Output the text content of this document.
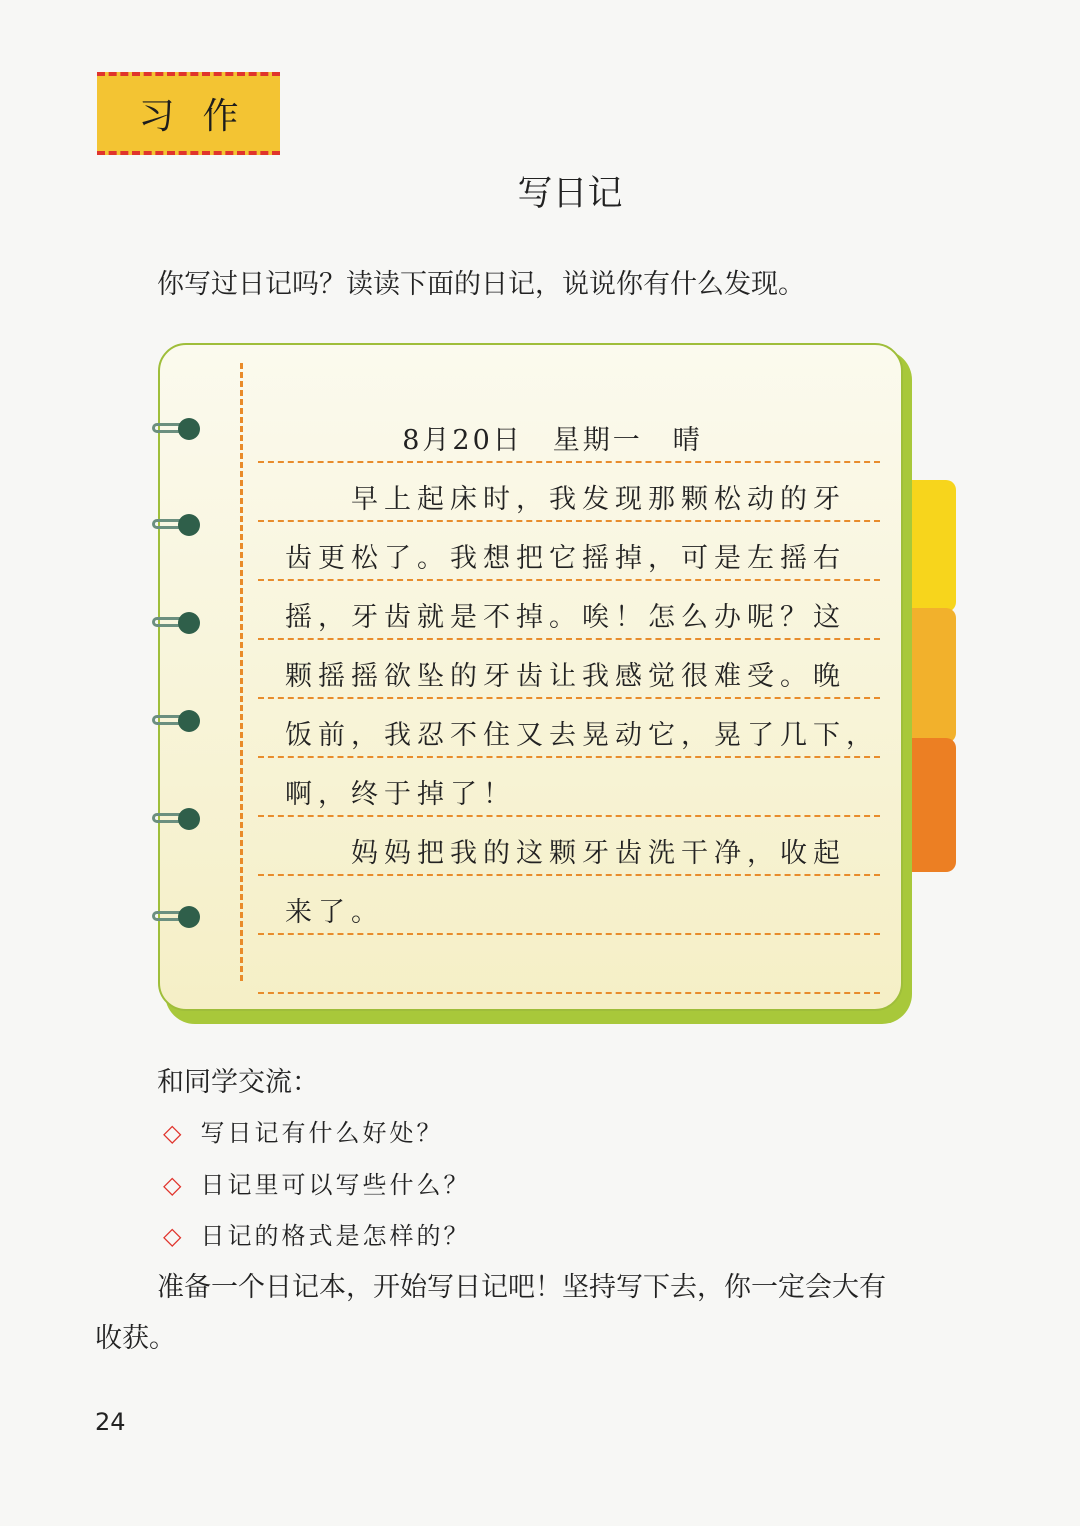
习作
写日记
你写过日记吗？读读下面的日记，说说你有什么发现。
8月20日　星期一　晴
　　早上起床时，我发现那颗松动的牙
齿更松了。我想把它摇掉，可是左摇右
摇，牙齿就是不掉。唉！怎么办呢？这
颗摇摇欲坠的牙齿让我感觉很难受。晚
饭前，我忍不住又去晃动它，晃了几下，
啊，终于掉了！
　　妈妈把我的这颗牙齿洗干净，收起
来了。
和同学交流：
◇ 写日记有什么好处？
◇ 日记里可以写些什么？
◇ 日记的格式是怎样的？
准备一个日记本，开始写日记吧！坚持写下去，你一定会大有
收获。
24
